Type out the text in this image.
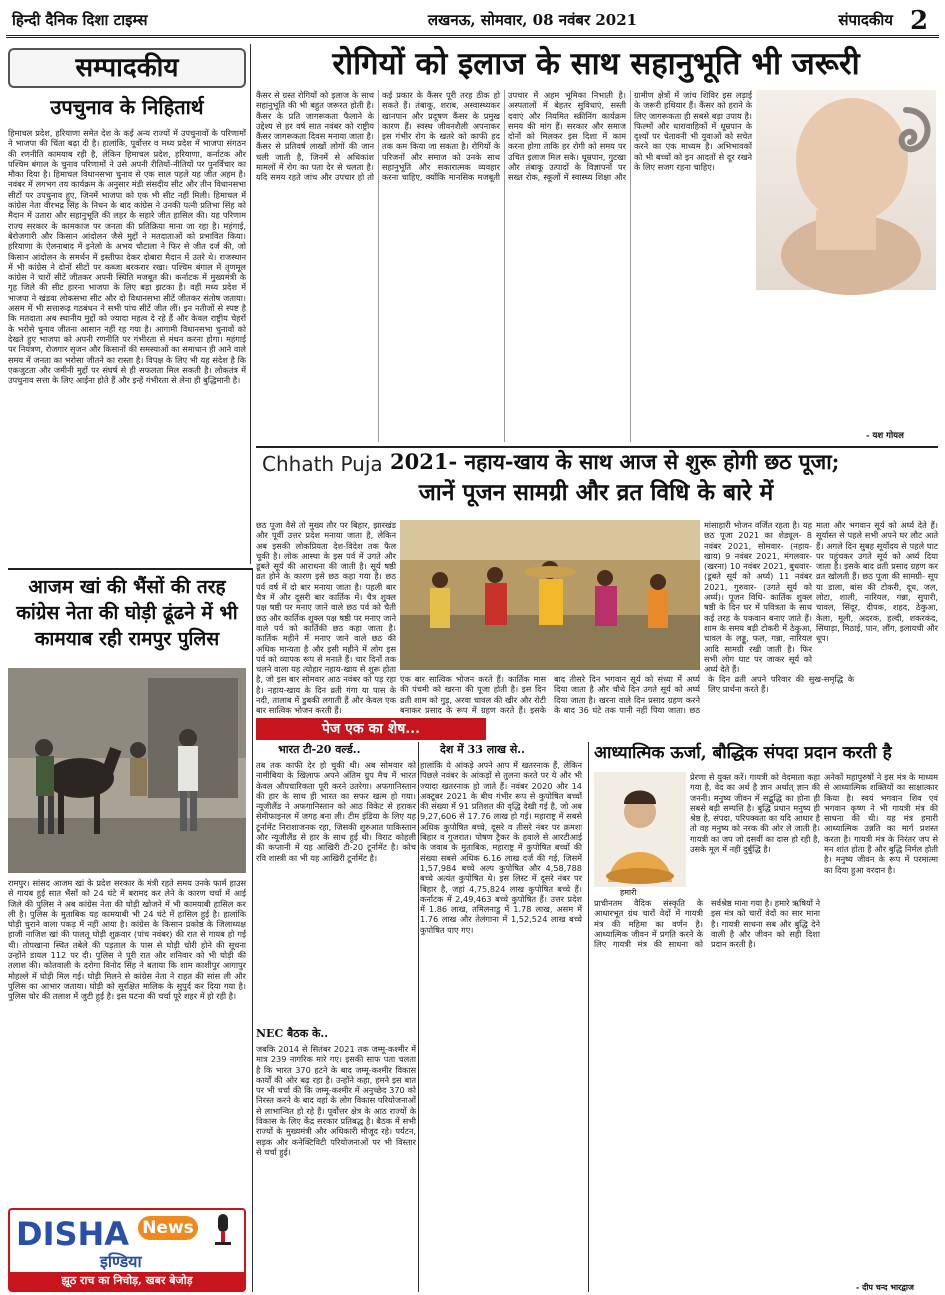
हिन्दी दैनिक दिशा टाइम्स	लखनऊ, सोमवार, 08 नवंबर 2021	संपादकीय 2
सम्पादकीय
उपचुनाव के निहितार्थ
हिमाचल प्रदेश, हरियाणा समेत देश के कई अन्य राज्यों में उपचुनावों के परिणामों ने भाजपा की चिंता बढ़ा दी है। हालांकि, पूर्वोत्तर व मध्य प्रदेश में भाजपा संगठन की रणनीति कामयाब रही है, लेकिन हिमाचल प्रदेश, हरियाणा, कर्नाटक और पश्चिम बंगाल के चुनाव परिणामों ने उसे अपनी रीतियों-नीतियों पर पुनर्विचार का मौका दिया है। हिमाचल विधानसभा चुनाव से एक साल पहले यह जीत अहम है। नवंबर में लगभग तय कार्यक्रम के अनुसार मंडी संसदीय सीट और तीन विधानसभा सीटों पर उपचुनाव हुए, जिनमें भाजपा को एक भी सीट नहीं मिली। हिमाचल में कांग्रेस नेता वीरभद्र सिंह के निधन के बाद कांग्रेस ने उनकी पत्नी प्रतिभा सिंह को मैदान में उतारा और सहानुभूति की लहर के सहारे जीत हासिल की। यह परिणाम राज्य सरकार के कामकाज पर जनता की प्रतिक्रिया माना जा रहा है। महंगाई, बेरोजगारी और किसान आंदोलन जैसे मुद्दों ने मतदाताओं को प्रभावित किया। हरियाणा के ऐलनाबाद में इनेलो के अभय चौटाला ने फिर से जीत दर्ज की, जो किसान आंदोलन के समर्थन में इस्तीफा देकर दोबारा मैदान में उतरे थे। राजस्थान में भी कांग्रेस ने दोनों सीटों पर कब्जा बरकरार रखा। पश्चिम बंगाल में तृणमूल कांग्रेस ने चारों सीटें जीतकर अपनी स्थिति मजबूत की। कर्नाटक में मुख्यमंत्री के गृह जिले की सीट हारना भाजपा के लिए बड़ा झटका है। वहीं मध्य प्रदेश में भाजपा ने खंडवा लोकसभा सीट और दो विधानसभा सीटें जीतकर संतोष जताया। असम में भी सत्तारूढ़ गठबंधन ने सभी पांच सीटें जीत लीं। इन नतीजों से स्पष्ट है कि मतदाता अब स्थानीय मुद्दों को ज्यादा महत्व दे रहे हैं और केवल राष्ट्रीय चेहरों के भरोसे चुनाव जीतना आसान नहीं रह गया है। आगामी विधानसभा चुनावों को देखते हुए भाजपा को अपनी रणनीति पर गंभीरता से मंथन करना होगा। महंगाई पर नियंत्रण, रोजगार सृजन और किसानों की समस्याओं का समाधान ही आने वाले समय में जनता का भरोसा जीतने का रास्ता है। विपक्ष के लिए भी यह संदेश है कि एकजुटता और जमीनी मुद्दों पर संघर्ष से ही सफलता मिल सकती है। लोकतंत्र में उपचुनाव सत्ता के लिए आईना होते हैं और इन्हें गंभीरता से लेना ही बुद्धिमानी है।
आजम खां की भैंसों की तरह
कांग्रेस नेता की घोड़ी ढूंढने में भी
कामयाब रही रामपुर पुलिस
रामपुर। सांसद आजम खां के प्रदेश सरकार के मंत्री रहते समय उनके फार्म हाउस से गायब हुई सात भैंसों को 24 घंटे में बरामद कर लेने के कारण चर्चा में आई जिले की पुलिस ने अब कांग्रेस नेता की घोड़ी खोजने में भी कामयाबी हासिल कर ली है। पुलिस के मुताबिक यह कामयाबी भी 24 घंटे में हासिल हुई है। हालांकि घोड़ी चुराने वाला पकड़ में नहीं आया है। कांग्रेस के किसान प्रकोष्ठ के जिलाध्यक्ष हाजी नाजिश खां की पालतू घोड़ी शुक्रवार (पांच नवंबर) की रात से गायब हो गई थी। तोपखाना स्थित तबेले की पड़ताल के पास से घोड़ी चोरी होने की सूचना उन्होंने डायल 112 पर दी। पुलिस ने पूरी रात और शनिवार को भी घोड़ी की तलाश की। कोतवाली के दरोगा विनोद सिंह ने बताया कि शाम काशीपुर आगापुर मोहल्ले में घोड़ी मिल गई। घोड़ी मिलने से कांग्रेस नेता ने राहत की सांस ली और पुलिस का आभार जताया। घोड़ी को सुरक्षित मालिक के सुपुर्द कर दिया गया है। पुलिस चोर की तलाश में जुटी हुई है। इस घटना की चर्चा पूरे शहर में हो रही है।
DISHA News
इण्डिया
झूठ राच का निचोड़, खबर बेजोड़
रोगियों को इलाज के साथ सहानुभूति भी जरूरी
कैंसर से ग्रस्त रोगियों को इलाज के साथ सहानुभूति की भी बहुत जरूरत होती है। कैंसर के प्रति जागरूकता फैलाने के उद्देश्य से हर वर्ष सात नवंबर को राष्ट्रीय कैंसर जागरूकता दिवस मनाया जाता है। कैंसर से प्रतिवर्ष लाखों लोगों की जान चली जाती है, जिनमें से अधिकांश मामलों में रोग का पता देर से चलता है। यदि समय रहते जांच और उपचार हो तो कई प्रकार के कैंसर पूरी तरह ठीक हो सकते हैं। तंबाकू, शराब, अस्वास्थ्यकर खानपान और प्रदूषण कैंसर के प्रमुख कारण हैं। स्वस्थ जीवनशैली अपनाकर इस गंभीर रोग के खतरे को काफी हद तक कम किया जा सकता है। रोगियों के परिजनों और समाज को उनके साथ सहानुभूति और सकारात्मक व्यवहार करना चाहिए, क्योंकि मानसिक मजबूती उपचार में अहम भूमिका निभाती है। अस्पतालों में बेहतर सुविधाएं, सस्ती दवाएं और नियमित स्क्रीनिंग कार्यक्रम समय की मांग हैं। सरकार और समाज दोनों को मिलकर इस दिशा में काम करना होगा ताकि हर रोगी को समय पर उचित इलाज मिल सके। धूम्रपान, गुटखा और तंबाकू उत्पादों के विज्ञापनों पर सख्त रोक, स्कूलों में स्वास्थ्य शिक्षा और ग्रामीण क्षेत्रों में जांच शिविर इस लड़ाई के जरूरी हथियार हैं। कैंसर को हराने के लिए जागरूकता ही सबसे बड़ा उपाय है। फिल्मों और धारावाहिकों में धूम्रपान के दृश्यों पर चेतावनी भी युवाओं को सचेत करने का एक माध्यम है। अभिभावकों को भी बच्चों को इन आदतों से दूर रखने के लिए सजग रहना चाहिए।
- यश गोयल
Chhath Puja 2021- नहाय-खाय के साथ आज से शुरू होगी छठ पूजा;
जानें पूजन सामग्री और व्रत विधि के बारे में
छठ पूजा वैसे तो मुख्य तौर पर बिहार, झारखंड और पूर्वी उत्तर प्रदेश मनाया जाता है, लेकिन अब इसकी लोकप्रियता देश-विदेश तक फैल चुकी है। लोक आस्था के इस पर्व में उगते और डूबते सूर्य की आराधना की जाती है। सूर्य षष्ठी व्रत होने के कारण इसे छठ कहा गया है। छठ पर्व वर्ष में दो बार मनाया जाता है। पहली बार चैत्र में और दूसरी बार कार्तिक में। चैत्र शुक्ल पक्ष षष्ठी पर मनाए जाने वाले छठ पर्व को चैती छठ और कार्तिक शुक्ल पक्ष षष्ठी पर मनाए जाने वाले पर्व को कार्तिकी छठ कहा जाता है। कार्तिक महीने में मनाए जाने वाले छठ की अधिक मान्यता है और इसी महीने में लोग इस पर्व को व्यापक रूप से मनाते हैं। चार दिनों तक चलने वाला यह त्योहार नहाय-खाय से शुरू होता है, जो इस बार सोमवार आठ नवंबर को पड़ रहा है। नहाय-खाय के दिन व्रती गंगा या पास के नदी, तालाब में डुबकी लगाती हैं और केवल एक बार सात्विक भोजन करती हैं।
एक बार सात्विक भोजन करते हैं। कार्तिक मास की पंचमी को खरना की पूजा होती है। इस दिन व्रती शाम को गुड़, अरवा चावल की खीर और रोटी बनाकर प्रसाद के रूप में ग्रहण करते हैं। इसके बाद तीसरे दिन भगवान सूर्य को संध्या में अर्घ्य दिया जाता है और चौथे दिन उगते सूर्य को अर्घ्य दिया जाता है। खरना वाले दिन प्रसाद ग्रहण करने के बाद 36 घंटे तक पानी नहीं पिया जाता। छठ के दिन व्रती अपने परिवार की सुख-समृद्धि के लिए प्रार्थना करते हैं।
मांसाहारी भोजन वर्जित रहता है। यह छठ पूजा 2021 का शेड्यूल- 8 नवंबर 2021, सोमवार- (नहाय-खाय) 9 नवंबर 2021, मंगलवार- (खरना) 10 नवंबर 2021, बुधवार- (डूबते सूर्य को अर्घ्य) 11 नवंबर 2021, गुरुवार- (उगते सूर्य को अर्घ्य)। पूजन विधि- कार्तिक शुक्ल षष्ठी के दिन घर में पवित्रता के साथ कई तरह के पकवान बनाए जाते हैं। शाम के समय बड़ी टोकरी में ठेकुआ, चावल के लड्डू, फल, गन्ना, नारियल आदि सामग्री रखी जाती है। फिर सभी लोग घाट पर जाकर सूर्य को अर्घ्य देते हैं।
माता और भगवान सूर्य को अर्घ्य देते हैं। सूर्यास्त से पहले सभी अपने घर लौट आते हैं। अगले दिन सुबह सूर्योदय से पहले घाट पर पहुंचकर उगते सूर्य को अर्घ्य दिया जाता है। इसके बाद व्रती प्रसाद ग्रहण कर व्रत खोलती हैं। छठ पूजा की सामग्री- सूप या डाला, बांस की टोकरी, दूध, जल, लोटा, शाली, नारियल, गन्ना, सुपारी, चावल, सिंदूर, दीपक, शहद, ठेकुआ, केला, मूली, अदरक, हल्दी, शकरकंद, सिंघाड़ा, मिठाई, पान, लौंग, इलायची और धूप।
पेज एक का शेष...
भारत टी-20 वर्ल्ड..
तब तक काफी देर हो चुकी थी। अब सोमवार को नामीबिया के खिलाफ अपने अंतिम ग्रुप मैच में भारत केवल औपचारिकता पूरी करने उतरेगा। अफगानिस्तान की हार के साथ ही भारत का सफर खत्म हो गया। न्यूजीलैंड ने अफगानिस्तान को आठ विकेट से हराकर सेमीफाइनल में जगह बना ली। टीम इंडिया के लिए यह टूर्नामेंट निराशाजनक रहा, जिसकी शुरुआत पाकिस्तान और न्यूजीलैंड से हार के साथ हुई थी। विराट कोहली की कप्तानी में यह आखिरी टी-20 टूर्नामेंट है। कोच रवि शास्त्री का भी यह आखिरी टूर्नामेंट है।
NEC बैठक के..
जबकि 2014 से सितंबर 2021 तक जम्मू-कश्मीर में मात्र 239 नागरिक मारे गए। इसकी साफ पता चलता है कि भारत 370 हटने के बाद जम्मू-कश्मीर विकास कार्यों की ओर बढ़ रहा है। उन्होंने कहा, हमने इस बात पर भी चर्चा की कि जम्मू-कश्मीर में अनुच्छेद 370 को निरस्त करने के बाद वहां के लोग विकास परियोजनाओं से लाभान्वित हो रहे हैं। पूर्वोत्तर क्षेत्र के आठ राज्यों के विकास के लिए केंद्र सरकार प्रतिबद्ध है। बैठक में सभी राज्यों के मुख्यमंत्री और अधिकारी मौजूद रहे। पर्यटन, सड़क और कनेक्टिविटी परियोजनाओं पर भी विस्तार से चर्चा हुई।
देश में 33 लाख से..
हालांकि ये आंकड़े अपने आप में खतरनाक हैं, लेकिन पिछले नवंबर के आंकड़ों से तुलना करते पर ये और भी ज्यादा खतरनाक हो जाते हैं। नवंबर 2020 और 14 अक्टूबर 2021 के बीच गंभीर रूप से कुपोषित बच्चों की संख्या में 91 प्रतिशत की वृद्धि देखी गई है, जो अब 9,27,606 से 17.76 लाख हो गई। महाराष्ट्र में सबसे अधिक कुपोषित बच्चे, दूसरे व तीसरे नंबर पर क्रमशः बिहार व गुजरात। पोषण ट्रैकर के हवाले से आरटीआई के जवाब के मुताबिक, महाराष्ट्र में कुपोषित बच्चों की संख्या सबसे अधिक 6.16 लाख दर्ज की गई, जिसमें 1,57,984 बच्चे अल्प कुपोषित और 4,58,788 बच्चे अत्यंत कुपोषित थे। इस लिस्ट में दूसरे नंबर पर बिहार है, जहां 4,75,824 लाख कुपोषित बच्चे हैं। कर्नाटक में 2,49,463 बच्चे कुपोषित हैं। उत्तर प्रदेश में 1.86 लाख, तमिलनाडु में 1.78 लाख, असम में 1.76 लाख और तेलंगाना में 1,52,524 लाख बच्चे कुपोषित पाए गए।
आध्यात्मिक ऊर्जा, बौद्धिक संपदा प्रदान करती है
हमारी
प्रेरणा से युक्त करें। गायत्री को वेदमाता कहा गया है, वेद का अर्थ है ज्ञान अर्थात् ज्ञान की जननी। मनुष्य जीवन में सद्बुद्धि का होना ही सबसे बड़ी सम्पत्ति है। बुद्धि प्रधान मनुष्य ही श्रेष्ठ है, संपदा, परिपक्वता का यदि आधार है तो वह मनुष्य को नरक की ओर ले जाती है। गायत्री का जप जो दसवीं का दास हो रही है, उसके मूल में नहीं दुर्बुद्धि है।
प्राचीनतम वैदिक संस्कृति के आधारभूत ग्रंथ चारों वेदों में गायत्री मंत्र की महिमा का वर्णन है। आध्यात्मिक जीवन में प्रगति करने के लिए गायत्री मंत्र की साधना को सर्वश्रेष्ठ माना गया है। हमारे ऋषियों ने इस मंत्र को चारों वेदों का सार माना है। गायत्री साधना सब और बुद्धि देने वाली है और जीवन को सही दिशा प्रदान करती है।
अनेकों महापुरुषों ने इस मंत्र के माध्यम से आध्यात्मिक शक्तियों का साक्षात्कार किया है। स्वयं भगवान शिव एवं भगवान कृष्ण ने भी गायत्री मंत्र की साधना की थी। यह मंत्र हमारी आध्यात्मिक उन्नति का मार्ग प्रशस्त करता है। गायत्री मंत्र के निरंतर जप से मन शांत होता है और बुद्धि निर्मल होती है। मनुष्य जीवन के रूप में परमात्मा का दिया हुआ वरदान है।
- दीप चन्द भारद्वाज
